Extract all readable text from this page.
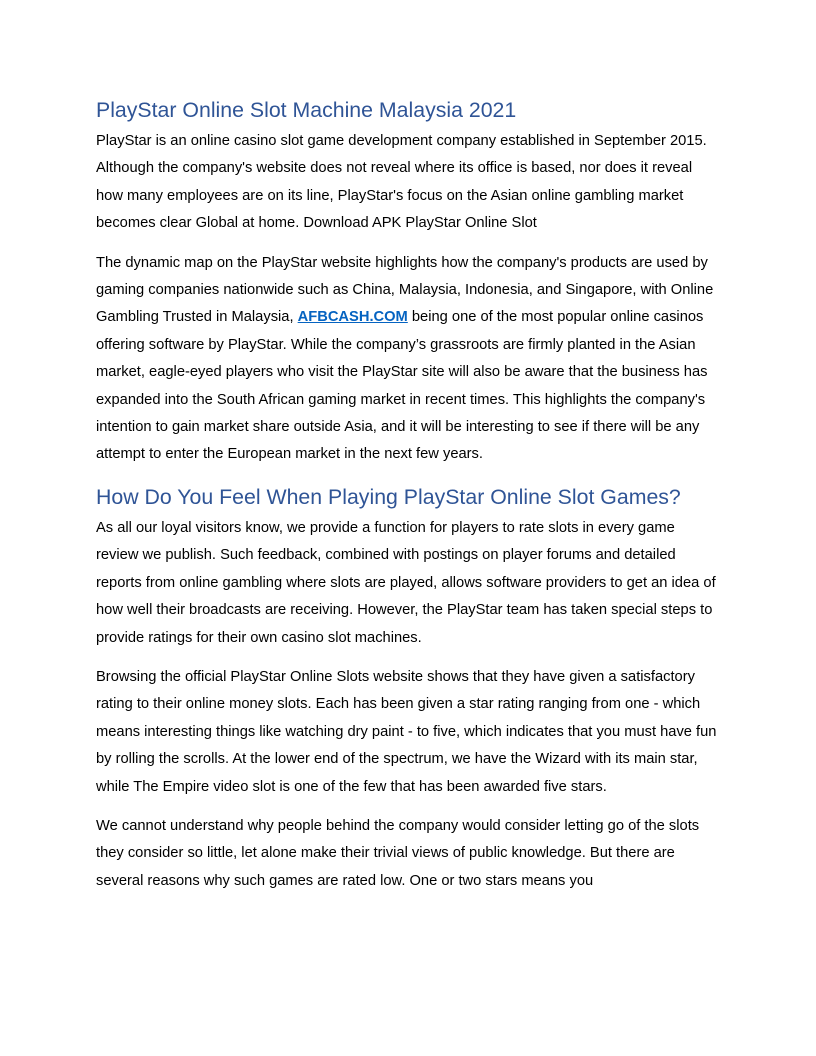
PlayStar Online Slot Machine Malaysia 2021

PlayStar is an online casino slot game development company established in September 2015. Although the company's website does not reveal where its office is based, nor does it reveal how many employees are on its line, PlayStar's focus on the Asian online gambling market becomes clear Global at home. Download APK PlayStar Online Slot

The dynamic map on the PlayStar website highlights how the company's products are used by gaming companies nationwide such as China, Malaysia, Indonesia, and Singapore, with Online Gambling Trusted in Malaysia, AFBCASH.COM being one of the most popular online casinos offering software by PlayStar. While the company’s grassroots are firmly planted in the Asian market, eagle-eyed players who visit the PlayStar site will also be aware that the business has expanded into the South African gaming market in recent times. This highlights the company's intention to gain market share outside Asia, and it will be interesting to see if there will be any attempt to enter the European market in the next few years.

How Do You Feel When Playing PlayStar Online Slot Games?

As all our loyal visitors know, we provide a function for players to rate slots in every game review we publish. Such feedback, combined with postings on player forums and detailed reports from online gambling where slots are played, allows software providers to get an idea of how well their broadcasts are receiving. However, the PlayStar team has taken special steps to provide ratings for their own casino slot machines.

Browsing the official PlayStar Online Slots website shows that they have given a satisfactory rating to their online money slots. Each has been given a star rating ranging from one - which means interesting things like watching dry paint - to five, which indicates that you must have fun by rolling the scrolls. At the lower end of the spectrum, we have the Wizard with its main star, while The Empire video slot is one of the few that has been awarded five stars.

We cannot understand why people behind the company would consider letting go of the slots they consider so little, let alone make their trivial views of public knowledge. But there are several reasons why such games are rated low. One or two stars means you
